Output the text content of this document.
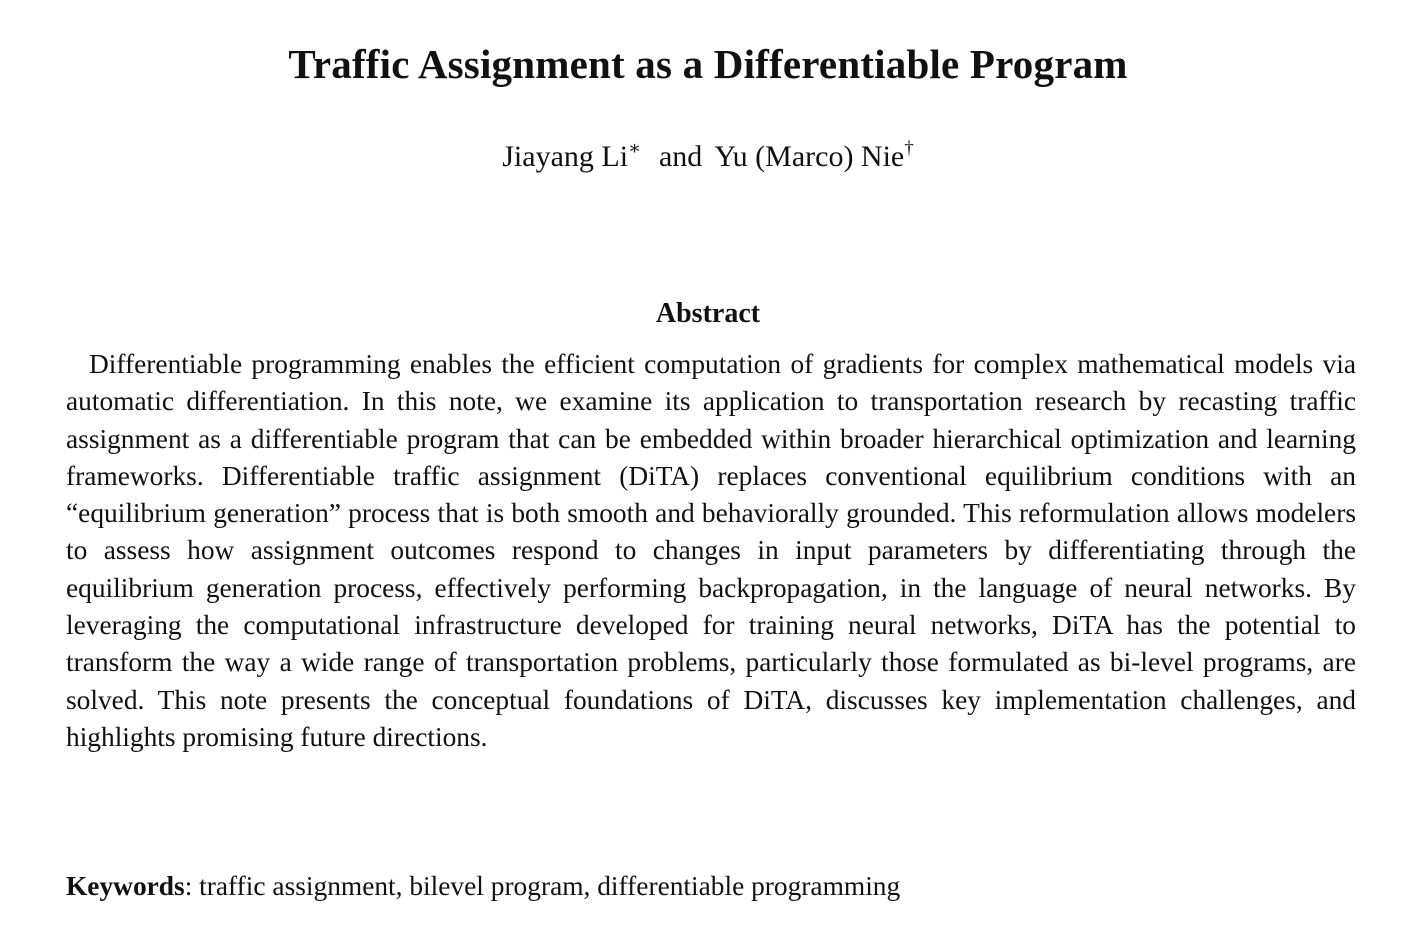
Traffic Assignment as a Differentiable Program
Jiayang Li∗ and Yu (Marco) Nie†
Abstract

Differentiable programming enables the efficient computation of gradients for complex mathematical models via automatic differentiation. In this note, we examine its application to transportation research by recasting traffic assignment as a differentiable program that can be embedded within broader hierarchical optimization and learning frameworks. Differentiable traffic assignment (DiTA) replaces conventional equilibrium conditions with an “equilibrium generation” process that is both smooth and behaviorally grounded. This reformulation allows modelers to assess how assignment outcomes respond to changes in input parameters by differentiating through the equilibrium generation process, effectively performing backpropagation, in the language of neural networks. By leveraging the computational infrastructure developed for training neural networks, DiTA has the potential to transform the way a wide range of transportation problems, particularly those formulated as bi-level programs, are solved. This note presents the conceptual foundations of DiTA, discusses key implementation challenges, and highlights promising future directions.

Keywords: traffic assignment, bilevel program, differentiable programming
